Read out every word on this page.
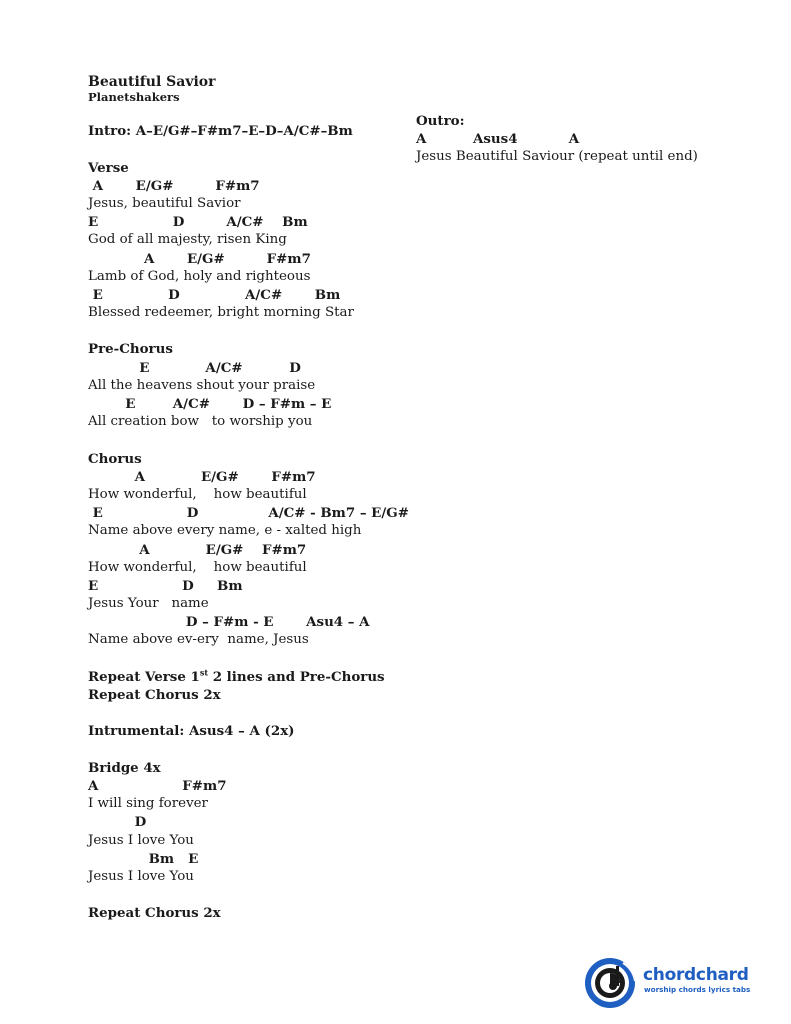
Beautiful Savior
Planetshakers
Intro: A–E/G#–F#m7–E–D–A/C#–Bm
Verse
A       E/G#         F#m7
Jesus, beautiful Savior
E                D         A/C#    Bm
God of all majesty, risen King
A       E/G#         F#m7
Lamb of God, holy and righteous
E              D              A/C#       Bm
Blessed redeemer, bright morning Star
Pre-Chorus
E            A/C#          D
All the heavens shout your praise
E        A/C#       D – F#m – E
All creation bow   to worship you
Chorus
A            E/G#       F#m7
How wonderful,    how beautiful
E                  D               A/C# - Bm7 – E/G#
Name above every name, e - xalted high
A            E/G#    F#m7
How wonderful,    how beautiful
E                  D     Bm
Jesus Your   name
D – F#m - E       Asu4 – A
Name above ev-ery  name, Jesus
Repeat Verse 1st 2 lines and Pre-Chorus
Repeat Chorus 2x
Intrumental: Asus4 – A (2x)
Bridge 4x
A                  F#m7
I will sing forever
D
Jesus I love You
Bm   E
Jesus I love You
Repeat Chorus 2x
Outro:
A          Asus4           A
Jesus Beautiful Saviour (repeat until end)
chordchard
worship chords lyrics tabs
